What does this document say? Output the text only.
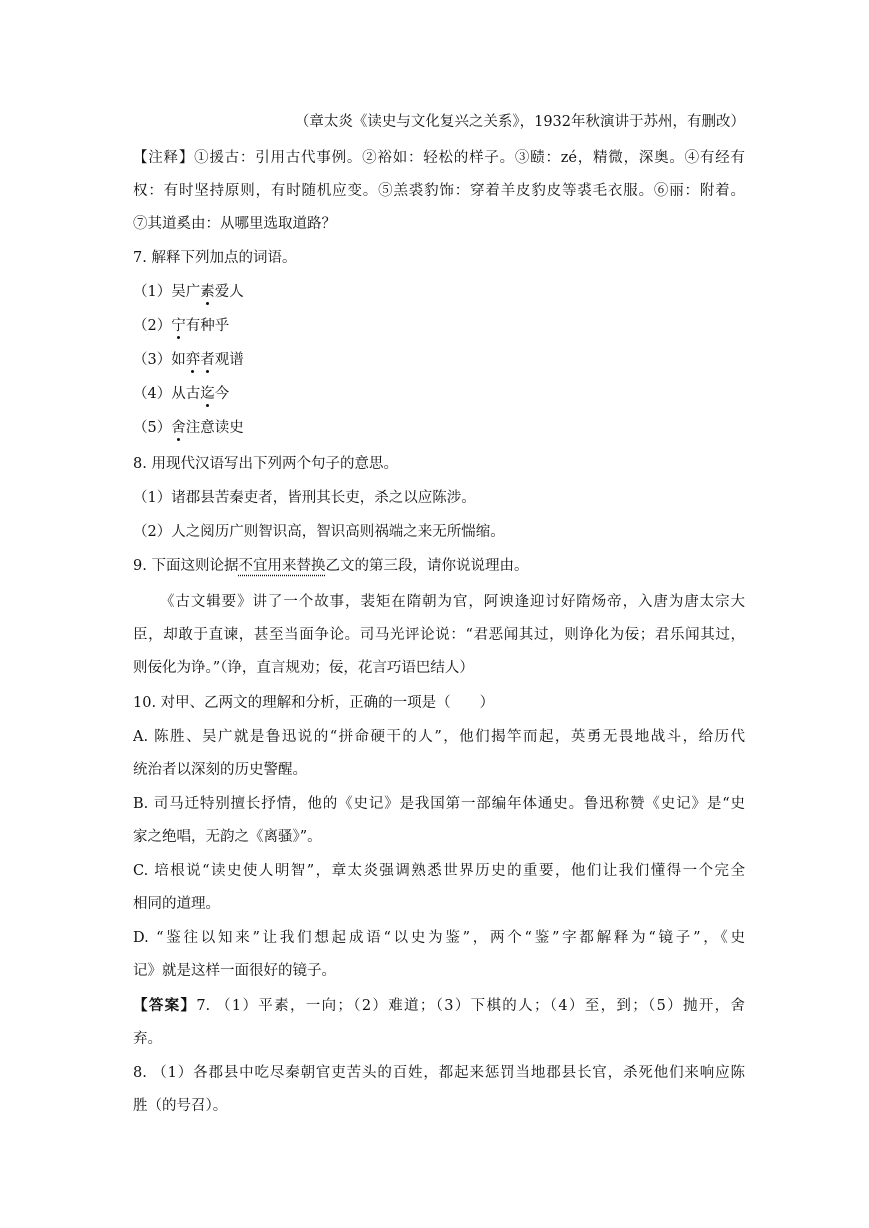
（章太炎《读史与文化复兴之关系》，1932年秋演讲于苏州，有删改）
【注释】①援古：引用古代事例。②裕如：轻松的样子。③赜：zé，精微，深奥。④有经有
权：有时坚持原则，有时随机应变。⑤羔裘豹饰：穿着羊皮豹皮等裘毛衣服。⑥丽：附着。
⑦其道奚由：从哪里选取道路？
7. 解释下列加点的词语。
（1）吴广素爱人
（2）宁有种乎
（3）如弈者观谱
（4）从古迄今
（5）舍注意读史
8. 用现代汉语写出下列两个句子的意思。
（1）诸郡县苦秦吏者，皆刑其长吏，杀之以应陈涉。
（2）人之阅历广则智识高，智识高则祸端之来无所惴缩。
9. 下面这则论据不宜用来替换乙文的第三段，请你说说理由。
《古文辑要》讲了一个故事，裴矩在隋朝为官，阿谀逢迎讨好隋炀帝，入唐为唐太宗大
臣，却敢于直谏，甚至当面争论。司马光评论说：“君恶闻其过，则诤化为佞；君乐闻其过，
则佞化为诤。”（诤，直言规劝；佞，花言巧语巴结人）
10. 对甲、乙两文的理解和分析，正确的一项是（　　）
A. 陈胜、吴广就是鲁迅说的“拼命硬干的人”，他们揭竿而起，英勇无畏地战斗，给历代
统治者以深刻的历史警醒。
B. 司马迁特别擅长抒情，他的《史记》是我国第一部编年体通史。鲁迅称赞《史记》是“史
家之绝唱，无韵之《离骚》”。
C. 培根说“读史使人明智”，章太炎强调熟悉世界历史的重要，他们让我们懂得一个完全
相同的道理。
D. “鉴往以知来”让我们想起成语“以史为鉴”，两个“鉴”字都解释为“镜子”，《史
记》就是这样一面很好的镜子。
【答案】7. （1）平素，一向；（2）难道；（3）下棋的人；（4）至，到；（5）抛开，舍
弃。
8. （1）各郡县中吃尽秦朝官吏苦头的百姓，都起来惩罚当地郡县长官，杀死他们来响应陈
胜（的号召）。
